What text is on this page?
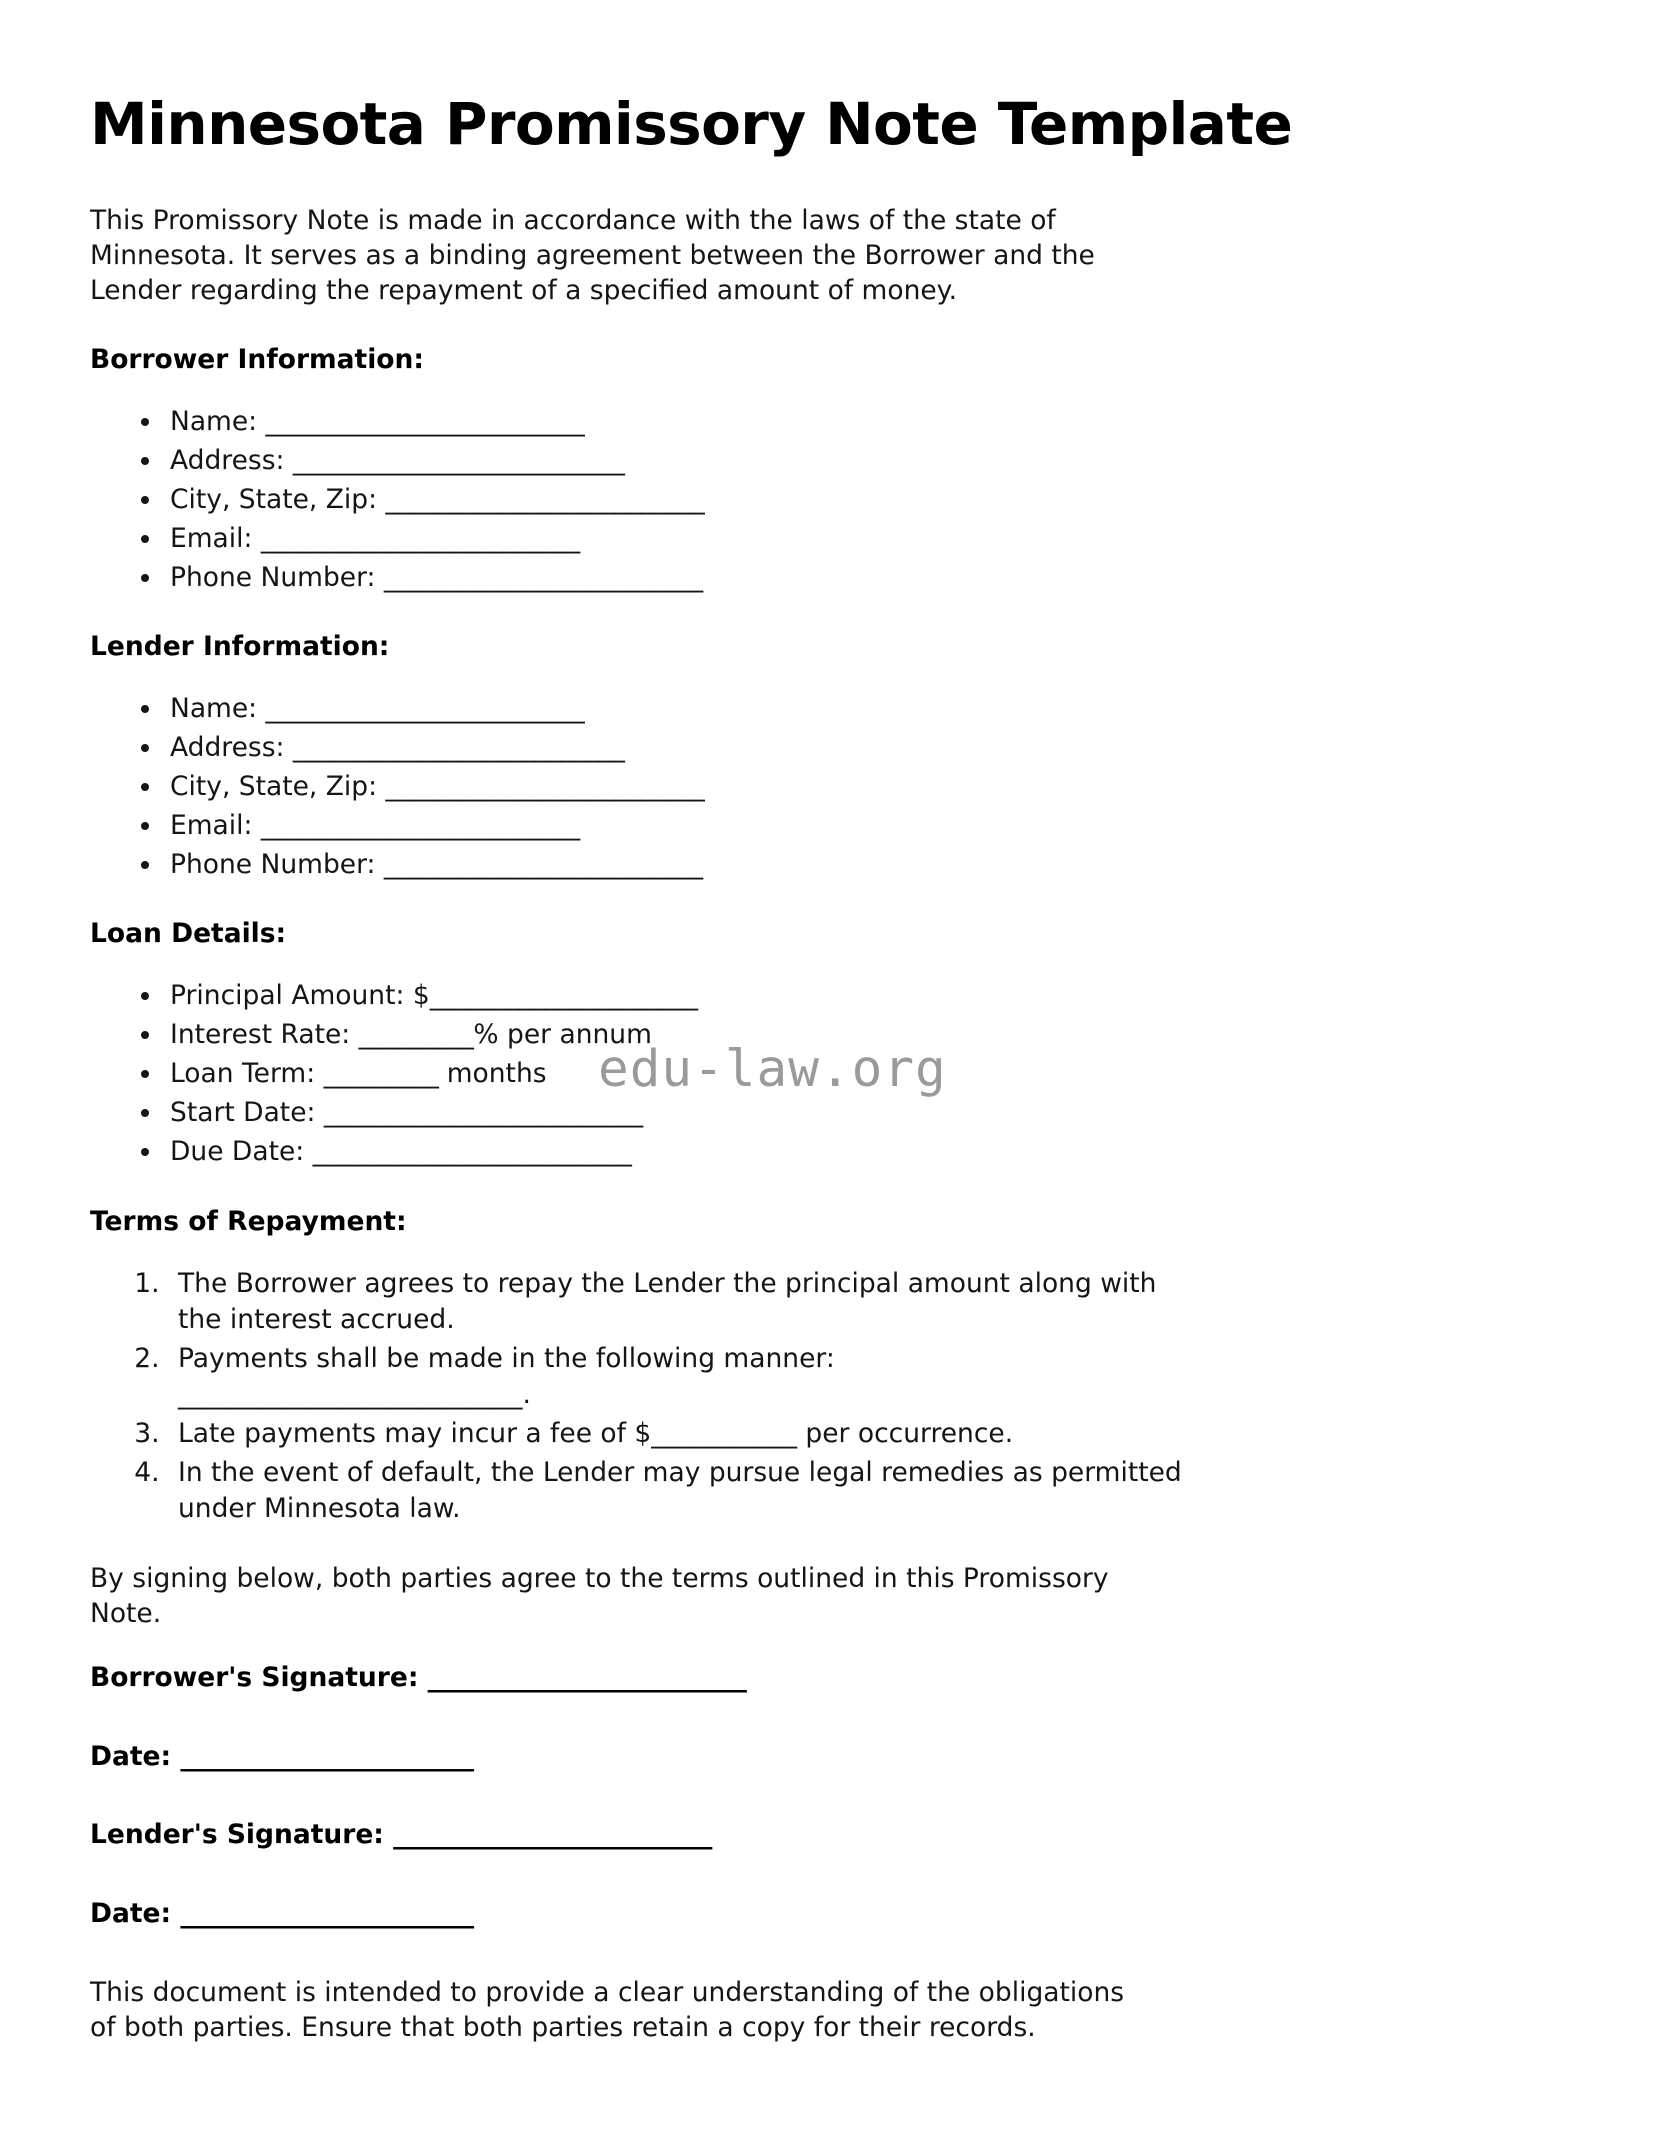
edu-law.org
Minnesota Promissory Note Template

This Promissory Note is made in accordance with the laws of the state of Minnesota. It serves as a binding agreement between the Borrower and the Lender regarding the repayment of a specified amount of money.

Borrower Information:
• Name: _________________________
• Address: __________________________
• City, State, Zip: _________________________
• Email: _________________________
• Phone Number: _________________________
Lender Information:
• Name: _________________________
• Address: __________________________
• City, State, Zip: _________________________
• Email: _________________________
• Phone Number: _________________________
Loan Details:
• Principal Amount: $_____________________
• Interest Rate: _________% per annum
• Loan Term: _________ months
• Start Date: _________________________
• Due Date: _________________________
Terms of Repayment:
1. The Borrower agrees to repay the Lender the principal amount along with the interest accrued.
2. Payments shall be made in the following manner: __________________________.
3. Late payments may incur a fee of $___________ per occurrence.
4. In the event of default, the Lender may pursue legal remedies as permitted under Minnesota law.

By signing below, both parties agree to the terms outlined in this Promissory Note.

Borrower's Signature: _________________________
Date: _______________________
Lender's Signature: _________________________
Date: _______________________

This document is intended to provide a clear understanding of the obligations of both parties. Ensure that both parties retain a copy for their records.
